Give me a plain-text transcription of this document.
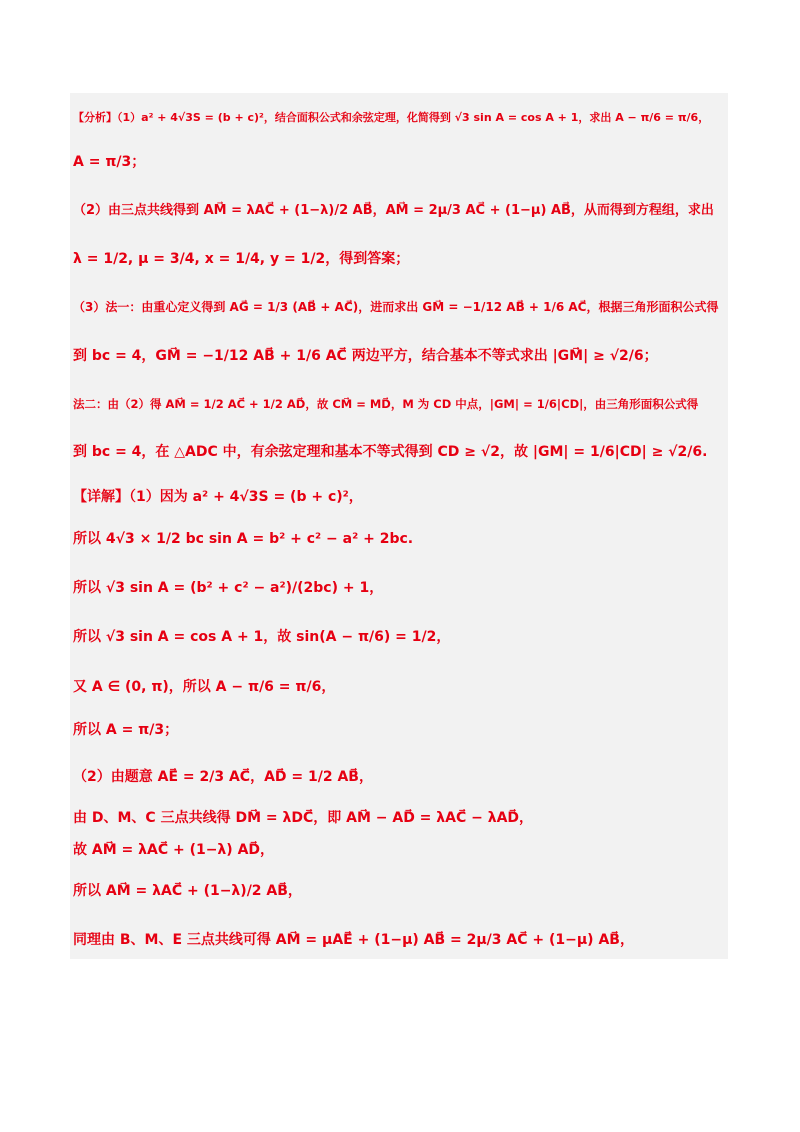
【分析】（1）a² + 4√3S = (b + c)²，结合面积公式和余弦定理，化简得到 √3 sin A = cos A + 1，求出 A − π/6 = π/6，
A = π/3；
（2）由三点共线得到 AM⃗ = λAC⃗ + (1−λ)/2 AB⃗，AM⃗ = 2μ/3 AC⃗ + (1−μ) AB⃗，从而得到方程组，求出
λ = 1/2, μ = 3/4, x = 1/4, y = 1/2，得到答案；
（3）法一：由重心定义得到 AG⃗ = 1/3 (AB⃗ + AC⃗)，进而求出 GM⃗ = −1/12 AB⃗ + 1/6 AC⃗，根据三角形面积公式得
到 bc = 4，GM⃗ = −1/12 AB⃗ + 1/6 AC⃗ 两边平方，结合基本不等式求出 |GM⃗| ≥ √2/6；
法二：由（2）得 AM⃗ = 1/2 AC⃗ + 1/2 AD⃗，故 CM⃗ = MD⃗，M 为 CD 中点，|GM| = 1/6|CD|，由三角形面积公式得
到 bc = 4，在 △ADC 中，有余弦定理和基本不等式得到 CD ≥ √2，故 |GM| = 1/6|CD| ≥ √2/6.
【详解】（1）因为 a² + 4√3S = (b + c)²，
所以 4√3 × 1/2 bc sin A = b² + c² − a² + 2bc.
所以 √3 sin A = (b² + c² − a²)/(2bc) + 1，
所以 √3 sin A = cos A + 1，故 sin(A − π/6) = 1/2，
又 A ∈ (0, π)，所以 A − π/6 = π/6，
所以 A = π/3；
（2）由题意 AE⃗ = 2/3 AC⃗，AD⃗ = 1/2 AB⃗，
由 D、M、C 三点共线得 DM⃗ = λDC⃗，即 AM⃗ − AD⃗ = λAC⃗ − λAD⃗，
故 AM⃗ = λAC⃗ + (1−λ) AD⃗，
所以 AM⃗ = λAC⃗ + (1−λ)/2 AB⃗，
同理由 B、M、E 三点共线可得 AM⃗ = μAE⃗ + (1−μ) AB⃗ = 2μ/3 AC⃗ + (1−μ) AB⃗，
